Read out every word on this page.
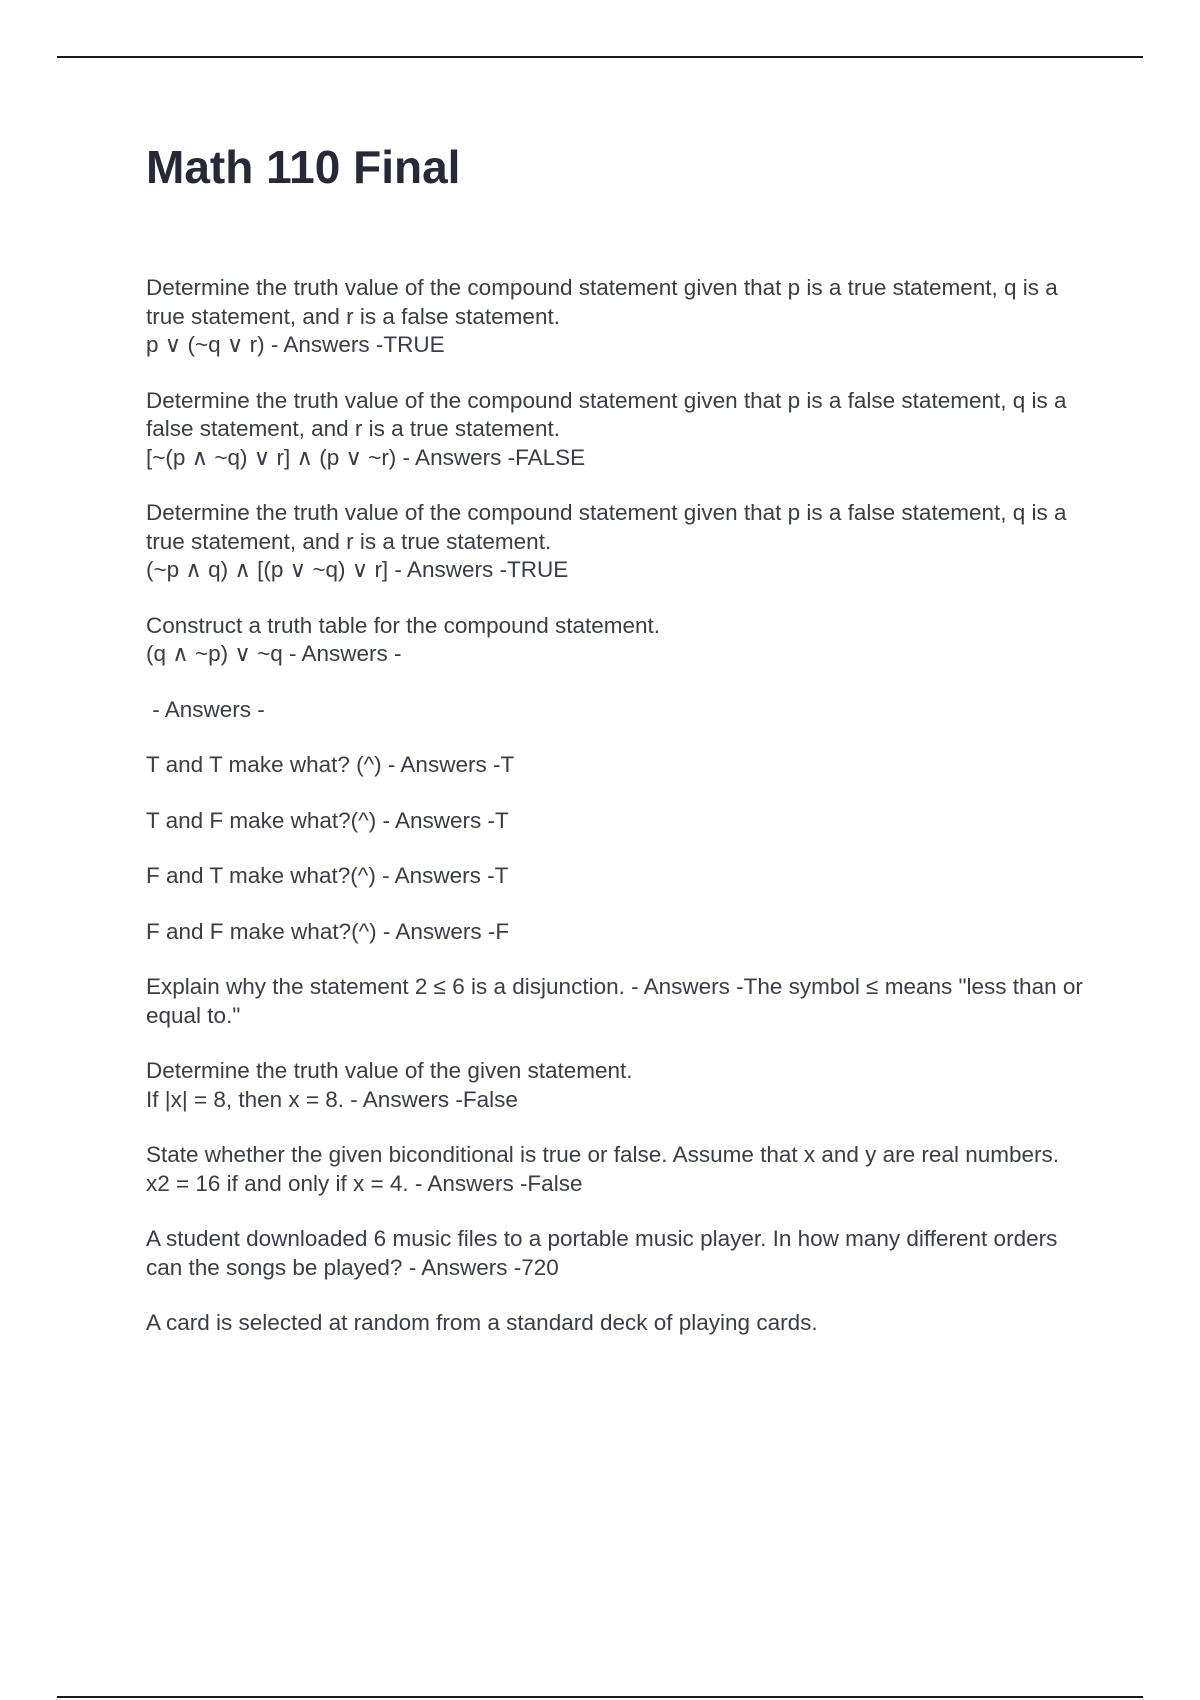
Math 110 Final

Determine the truth value of the compound statement given that p is a true statement, q is a true statement, and r is a false statement.
p ∨ (~q ∨ r) - Answers -TRUE

Determine the truth value of the compound statement given that p is a false statement, q is a false statement, and r is a true statement.
[~(p ∧ ~q) ∨ r] ∧ (p ∨ ~r) - Answers -FALSE

Determine the truth value of the compound statement given that p is a false statement, q is a true statement, and r is a true statement.
(~p ∧ q) ∧ [(p ∨ ~q) ∨ r] - Answers -TRUE

Construct a truth table for the compound statement.
(q ∧ ~p) ∨ ~q - Answers -

- Answers -

T and T make what? (^) - Answers -T

T and F make what?(^) - Answers -T

F and T make what?(^) - Answers -T

F and F make what?(^) - Answers -F

Explain why the statement 2 ≤ 6 is a disjunction. - Answers -The symbol ≤ means "less than or equal to."

Determine the truth value of the given statement.
If |x| = 8, then x = 8. - Answers -False

State whether the given biconditional is true or false. Assume that x and y are real numbers.
x2 = 16 if and only if x = 4. - Answers -False

A student downloaded 6 music files to a portable music player. In how many different orders can the songs be played? - Answers -720

A card is selected at random from a standard deck of playing cards.
